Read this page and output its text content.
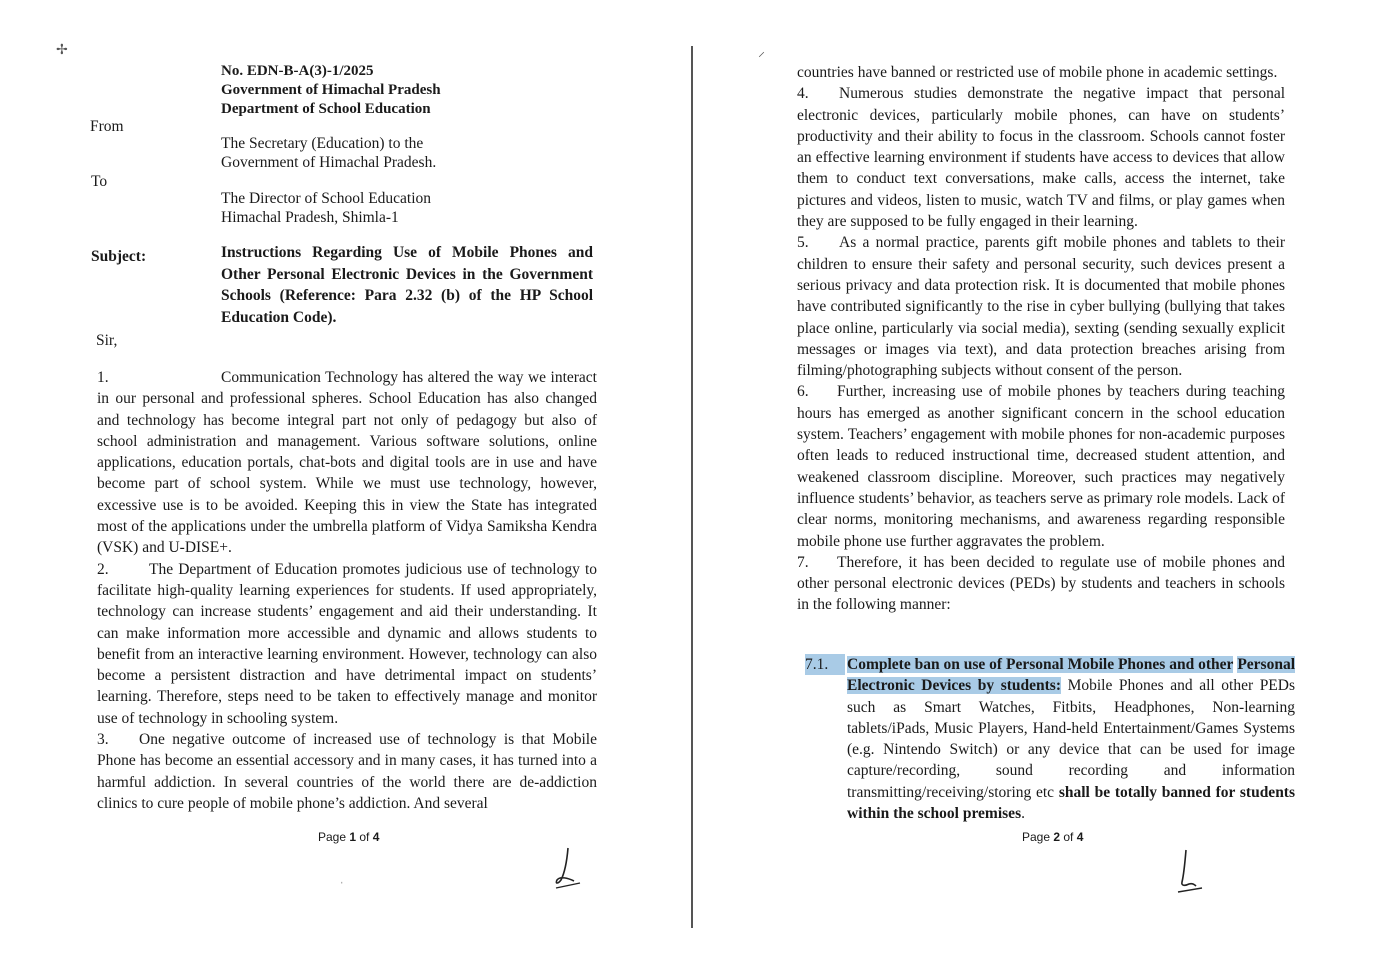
✢
No. EDN-B-A(3)-1/2025
Government of Himachal Pradesh
Department of School Education
From
The Secretary (Education) to the
Government of Himachal Pradesh.
To
The Director of School Education
Himachal Pradesh, Shimla-1
Subject:	Instructions Regarding Use of Mobile Phones and Other Personal Electronic Devices in the Government Schools (Reference: Para 2.32 (b) of the HP School Education Code).
Sir,

1.	Communication Technology has altered the way we interact in our personal and professional spheres. School Education has also changed and technology has become integral part not only of pedagogy but also of school administration and management. Various software solutions, online applications, education portals, chat-bots and digital tools are in use and have become part of school system. While we must use technology, however, excessive use is to be avoided. Keeping this in view the State has integrated most of the applications under the umbrella platform of Vidya Samiksha Kendra (VSK) and U-DISE+.

2.	The Department of Education promotes judicious use of technology to facilitate high-quality learning experiences for students. If used appropriately, technology can increase students’ engagement and aid their understanding. It can make information more accessible and dynamic and allows students to benefit from an interactive learning environment. However, technology can also become a persistent distraction and have detrimental impact on students’ learning. Therefore, steps need to be taken to effectively manage and monitor use of technology in schooling system.

3. One negative outcome of increased use of technology is that Mobile Phone has become an essential accessory and in many cases, it has turned into a harmful addiction. In several countries of the world there are de-addiction clinics to cure people of mobile phone’s addiction. And several

Page 1 of 4
ˌ
⸝

countries have banned or restricted use of mobile phone in academic settings.

4. Numerous studies demonstrate the negative impact that personal electronic devices, particularly mobile phones, can have on students’ productivity and their ability to focus in the classroom. Schools cannot foster an effective learning environment if students have access to devices that allow them to conduct text conversations, make calls, access the internet, take pictures and videos, listen to music, watch TV and films, or play games when they are supposed to be fully engaged in their learning.

5. As a normal practice, parents gift mobile phones and tablets to their children to ensure their safety and personal security, such devices present a serious privacy and data protection risk. It is documented that mobile phones have contributed significantly to the rise in cyber bullying (bullying that takes place online, particularly via social media), sexting (sending sexually explicit messages or images via text), and data protection breaches arising from filming/photographing subjects without consent of the person.

6. Further, increasing use of mobile phones by teachers during teaching hours has emerged as another significant concern in the school education system. Teachers’ engagement with mobile phones for non-academic purposes often leads to reduced instructional time, decreased student attention, and weakened classroom discipline. Moreover, such practices may negatively influence students’ behavior, as teachers serve as primary role models. Lack of clear norms, monitoring mechanisms, and awareness regarding responsible mobile phone use further aggravates the problem.

7. Therefore, it has been decided to regulate use of mobile phones and other personal electronic devices (PEDs) by students and teachers in schools in the following manner:

7.1.	Complete ban on use of Personal Mobile Phones and other Personal Electronic Devices by students: Mobile Phones and all other PEDs such as Smart Watches, Fitbits, Headphones, Non-learning tablets/iPads, Music Players, Hand-held Entertainment/Games Systems (e.g. Nintendo Switch) or any device that can be used for image capture/recording, sound recording and information transmitting/receiving/storing etc shall be totally banned for students within the school premises.
Page 2 of 4
